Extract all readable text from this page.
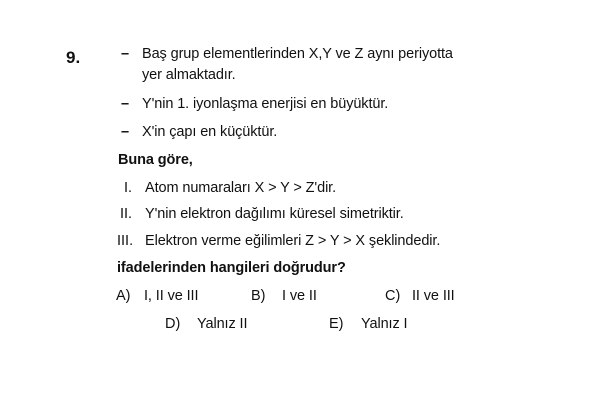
9.	– Baş grup elementlerinden X,Y ve Z aynı periyotta
yer almaktadır.
– Y'nin 1. iyonlaşma enerjisi en büyüktür.
– X'in çapı en küçüktür.
Buna göre,
I. Atom numaraları X > Y > Z'dir.
II. Y'nin elektron dağılımı küresel simetriktir.
III. Elektron verme eğilimleri Z > Y > X şeklindedir.
ifadelerinden hangileri doğrudur?
A) I, II ve III	B) I ve II	C) II ve III
D) Yalnız II	E) Yalnız I
